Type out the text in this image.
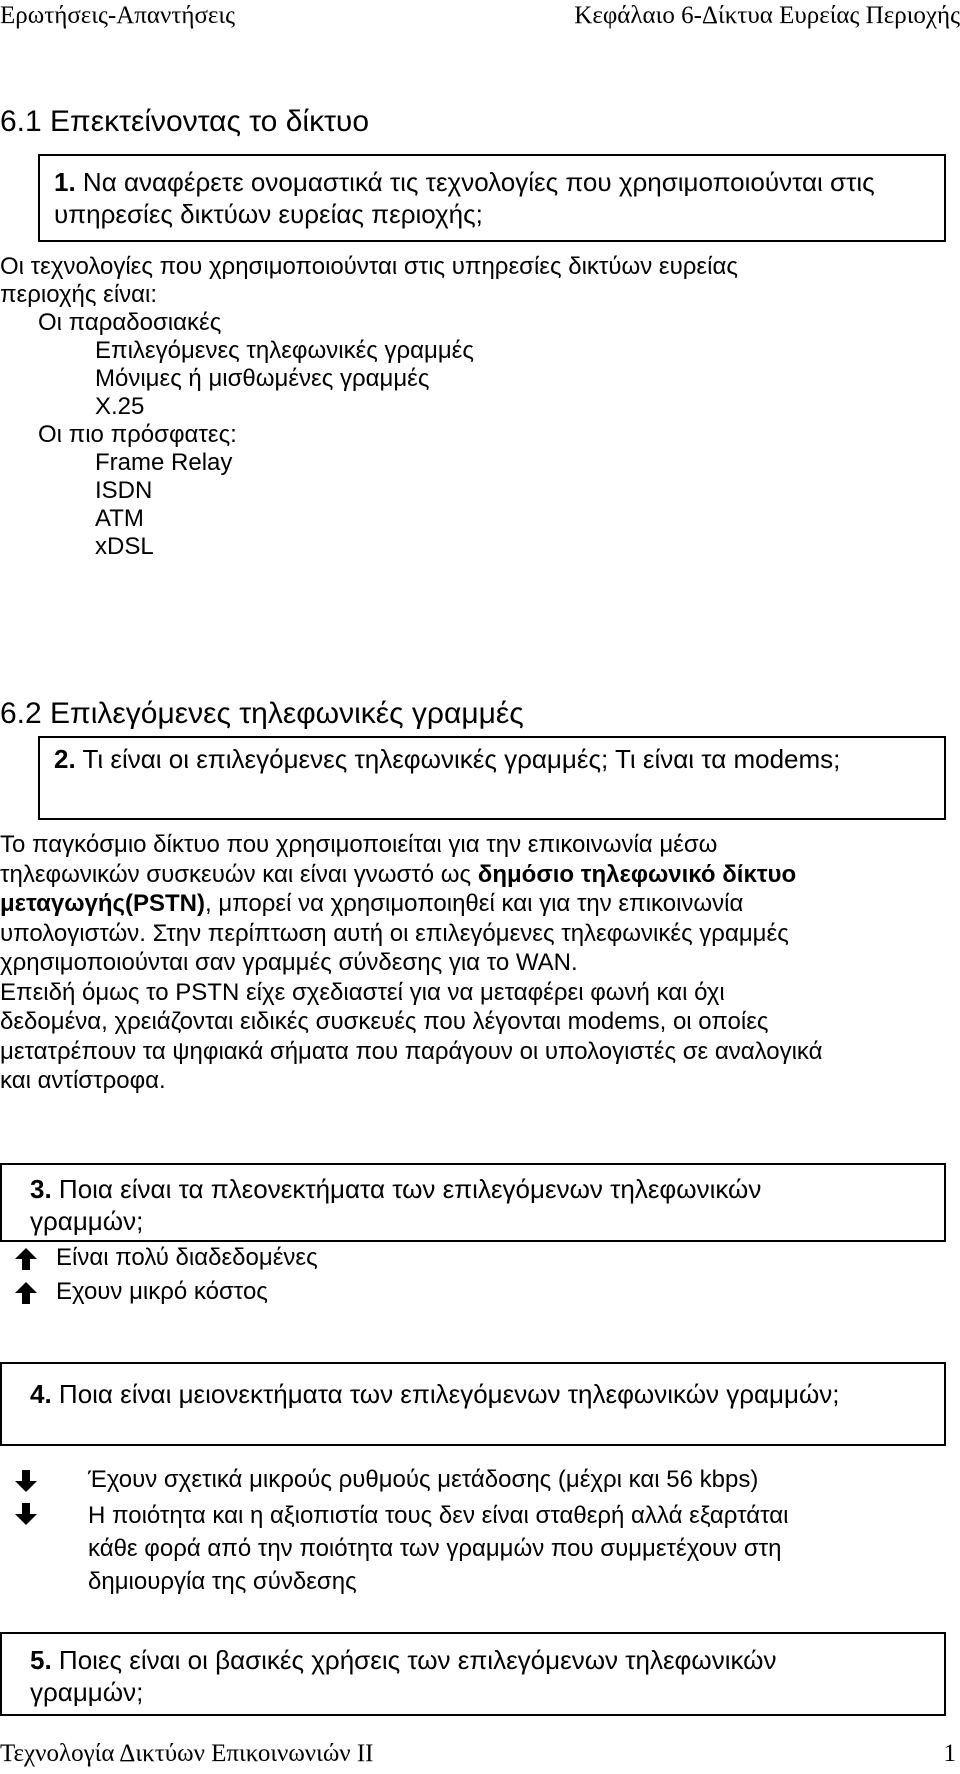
Ερωτήσεις-Απαντήσεις	Κεφάλαιο 6-Δίκτυα Ευρείας Περιοχής
6.1 Επεκτείνοντας το δίκτυο
1. Να αναφέρετε ονομαστικά τις τεχνολογίες που χρησιμοποιούνται στις
υπηρεσίες δικτύων ευρείας περιοχής;
Οι τεχνολογίες που χρησιμοποιούνται στις υπηρεσίες δικτύων ευρείας
περιοχής είναι:
Οι παραδοσιακές
Επιλεγόμενες τηλεφωνικές γραμμές
Μόνιμες ή μισθωμένες γραμμές
X.25
Οι πιο πρόσφατες:
Frame Relay
ISDN
ATM
xDSL
6.2 Επιλεγόμενες τηλεφωνικές γραμμές
2. Τι είναι οι επιλεγόμενες τηλεφωνικές γραμμές; Τι είναι τα modems;
Το παγκόσμιο δίκτυο που χρησιμοποιείται για την επικοινωνία μέσω
τηλεφωνικών συσκευών και είναι γνωστό ως δημόσιο τηλεφωνικό δίκτυο
μεταγωγής(PSTN), μπορεί να χρησιμοποιηθεί και για την επικοινωνία
υπολογιστών. Στην περίπτωση αυτή οι επιλεγόμενες τηλεφωνικές γραμμές
χρησιμοποιούνται σαν γραμμές σύνδεσης για το WAN.
Επειδή όμως το PSTN είχε σχεδιαστεί για να μεταφέρει φωνή και όχι
δεδομένα, χρειάζονται ειδικές συσκευές που λέγονται modems, οι οποίες
μετατρέπουν τα ψηφιακά σήματα που παράγουν οι υπολογιστές σε αναλογικά
και αντίστροφα.
3. Ποια είναι τα πλεονεκτήματα των επιλεγόμενων τηλεφωνικών
γραμμών;
Είναι πολύ διαδεδομένες
Εχουν μικρό κόστος
4. Ποια είναι μειονεκτήματα των επιλεγόμενων τηλεφωνικών γραμμών;
Έχουν σχετικά μικρούς ρυθμούς μετάδοσης (μέχρι και 56 kbps)
Η ποιότητα και η αξιοπιστία τους δεν είναι σταθερή αλλά εξαρτάται
κάθε φορά από την ποιότητα των γραμμών που συμμετέχουν στη
δημιουργία της σύνδεσης
5. Ποιες είναι οι βασικές χρήσεις των επιλεγόμενων τηλεφωνικών
γραμμών;
Τεχνολογία Δικτύων Επικοινωνιών ΙΙ	1
